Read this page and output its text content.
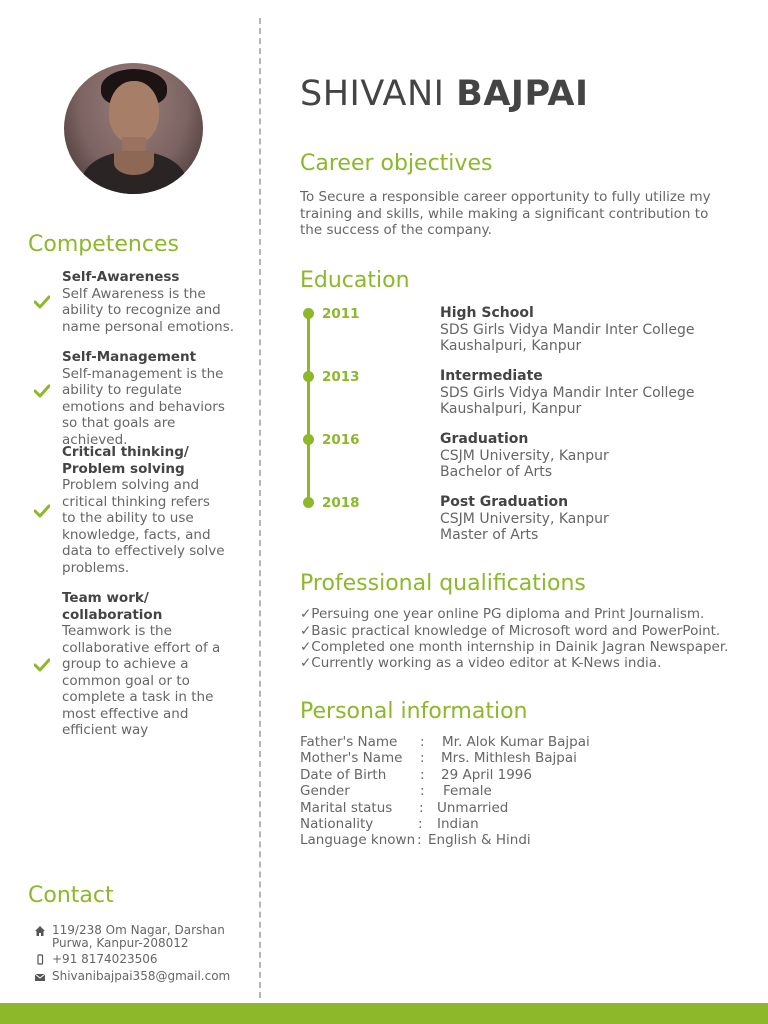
Competences
Self-Awareness
Self Awareness is the ability to recognize and name personal emotions.
Self-Management
Self-management is the ability to regulate emotions and behaviors so that goals are achieved.
Critical thinking/ Problem solving
Problem solving and critical thinking refers to the ability to use knowledge, facts, and data to effectively solve problems.
Team work/ collaboration
Teamwork is the collaborative effort of a group to achieve a common goal or to complete a task in the most effective and efficient way
Contact
119/238 Om Nagar, Darshan Purwa, Kanpur-208012
+91 8174023506
Shivanibajpai358@gmail.com
SHIVANI BAJPAI
Career objectives
To Secure a responsible career opportunity to fully utilize my training and skills, while making a significant contribution to the success of the company.
Education
2011	High School
SDS Girls Vidya Mandir Inter College
Kaushalpuri, Kanpur
2013	Intermediate
SDS Girls Vidya Mandir Inter College
Kaushalpuri, Kanpur
2016	Graduation
CSJM University, Kanpur
Bachelor of Arts
2018	Post Graduation
CSJM University, Kanpur
Master of Arts
Professional qualifications
✓Persuing one year online PG diploma and Print Journalism.
✓Basic practical knowledge of Microsoft word and PowerPoint.
✓Completed one month internship in Dainik Jagran Newspaper.
✓Currently working as a video editor at K-News india.
Personal information
Father's Name : Mr. Alok Kumar Bajpai
Mother's Name : Mrs. Mithlesh Bajpai
Date of Birth : 29 April 1996
Gender	: Female
Marital status : Unmarried
Nationality	: Indian
Language known : English & Hindi
